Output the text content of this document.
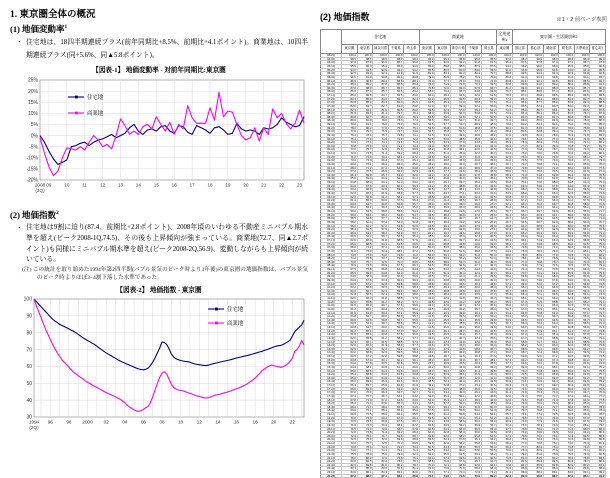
1. 東京圏全体の概況
(1) 地価変動率$^1$
・ 住宅地は、18四半期連続プラス(前年同期比+8.5%、前期比+4.1ポイント)。商業地は、10四半期連続プラス(同+5.6%、同▲5.8ポイント)。

【図表-1】 地価変動率 - 対前年同期比:東京圏
-20%
-15%
-10%
-5%
0%
5%
10%
15%
20%
25%
2008
(3Q)
09	10	11	12	13	14	15	16	17	18	19	20	21	22	23
住宅地
商業地
(2) 地価指数$^2$
・ 住宅地は9割に迫り(87.4、前期比+2.8ポイント)、2008年頃のいわゆる不動産ミニバブル期水準を超え(ピーク2008-1Q,74.5)、その後も上昇傾向が強まっている。商業地(72.7、同▲2.7ポイント)も同様にミニバブル期水準を超え(ピーク2008-2Q,56.9)、変動しながらも上昇傾向が続いている。

(注) この統計を取り始めた1994年第2四半期(バブル景気のピーク時より3年後)の東京圏の地価指数は、バブル景気のピーク時よりほぼ3~4割下落した水準であった。

【図表-2】 地価指数 - 東京圏
30
40
50
60
70
80
90
100
1994
(2Q)
96	98 2000 02	04	06	08	10	12	14	16	18	20	22
住宅地
商業地
(2) 地価指数	※1・2 前ページ参照
	住宅地					商業地					全用途※1	東京圏・生活圏別※2					
	東京圏	東京都	神奈川県	千葉県	埼玉県	東京圏	東京都	神奈川県	千葉県	埼玉県	東京圏	都区部	都心部	城南部	城北部	多摩地区	都心3区
94-2Q	100.0	100.0	100.0	100.0	100.0	100.0	100.0	100.0	100.0	100.0	100.0	100.0	100.0	100.0	100.0	100.0	100.0
94-3Q	98.5	98.7	98.5	98.3	98.3	96.0	96.3	95.8	95.6	95.5	97.6	98.7	98.9	98.7	98.5	98.3	99.0
94-4Q	97.0	97.3	96.9	96.7	96.6	92.5	93.0	92.2	91.8	91.5	95.4	97.5	97.8	97.3	97.0	96.7	97.9
95-1Q	95.5	96.0	95.4	95.0	94.9	89.0	89.8	88.6	87.9	87.6	93.2	96.2	96.6	96.0	95.5	95.0	96.8
95-2Q	94.0	94.6	93.9	93.4	93.2	85.5	86.5	84.9	84.0	83.6	91.0	94.9	95.5	94.6	94.0	93.4	95.8
95-3Q	92.5	93.3	92.3	91.8	91.5	82.0	83.3	81.3	80.2	79.7	88.8	93.6	94.4	93.3	92.5	91.8	94.8
95-4Q	91.0	91.9	90.8	90.1	89.8	79.0	80.5	78.2	76.9	76.3	86.8	92.3	93.3	91.9	91.0	90.1	93.7
96-1Q	89.5	90.5	89.3	88.5	88.1	76.0	77.7	75.0	73.6	72.9	84.8	91.1	92.1	90.5	89.5	88.5	92.7
96-2Q	88.0	89.2	87.8	86.8	86.4	73.0	74.9	71.9	70.3	69.5	82.8	89.8	91.0	89.2	88.0	86.8	91.6
96-3Q	87.0	88.3	86.7	85.7	85.3	70.5	72.6	69.3	67.5	66.7	81.2	89.0	90.3	88.3	87.0	85.7	90.9
96-4Q	86.0	87.4	85.7	84.6	84.2	68.0	70.2	66.7	64.8	63.8	79.7	88.1	89.5	87.4	86.0	84.6	90.2
97-1Q	85.0	86.5	84.7	83.5	83.0	66.0	68.4	64.6	62.6	61.6	78.3	87.3	88.8	86.5	85.0	83.5	89.5
97-2Q	84.3	85.9	84.0	82.7	82.3	64.0	66.5	62.6	60.4	59.3	77.2	86.7	88.2	85.9	84.3	82.7	89.0
97-3Q	83.6	85.2	83.3	82.0	81.5	62.5	65.1	61.0	58.8	57.6	76.2	86.1	87.7	85.2	83.6	82.0	88.5
97-4Q	83.0	84.7	82.7	81.3	80.8	61.0	63.7	59.4	57.1	55.9	75.3	85.5	87.3	84.7	83.0	81.3	88.1
98-1Q	82.3	84.1	81.9	80.5	80.0	59.5	62.3	57.9	55.4	54.2	74.3	85.0	86.7	84.1	82.3	80.5	87.6
98-2Q	81.5	83.3	81.1	79.7	79.1	58.0	60.9	56.3	53.8	52.5	73.3	84.3	86.1	83.3	81.5	79.7	87.0
98-3Q	80.8	82.7	80.4	78.9	78.3	56.5	59.5	54.8	52.1	50.8	72.3	83.7	85.6	82.7	80.8	78.9	86.6
98-4Q	80.0	82.0	79.6	78.0	77.4	55.5	58.6	53.7	51.0	49.7	71.4	83.0	85.0	82.0	80.0	78.0	86.0
99-1Q	79.0	81.1	78.6	76.9	76.3	54.5	57.7	52.7	49.9	48.6	70.4	82.2	84.3	81.1	79.0	76.9	85.3
99-2Q	78.0	80.2	77.6	75.8	75.1	53.5	56.8	51.6	48.8	47.5	69.4	81.3	83.5	80.2	78.0	75.8	84.6
99-3Q	77.0	79.3	76.5	74.7	74.0	52.5	55.8	50.6	47.7	46.3	68.4	80.5	82.8	79.3	77.0	74.7	83.9
99-4Q	76.2	78.6	75.7	73.8	73.1	51.5	54.9	49.6	46.6	45.2	67.6	79.8	82.2	78.6	76.2	73.8	83.3
00-1Q	75.4	77.9	74.9	72.9	72.2	50.5	54.0	48.5	45.5	44.1	66.7	79.1	81.6	77.9	75.4	72.9	82.8
00-2Q	74.6	77.1	74.1	72.1	71.3	49.8	53.3	47.8	44.8	43.3	65.9	78.4	80.9	77.1	74.6	72.1	82.2
00-3Q	73.8	76.4	73.3	71.2	70.4	49.0	52.6	47.0	43.9	42.4	65.1	77.7	80.3	76.4	73.8	71.2	81.7
00-4Q	73.0	75.7	72.5	70.3	69.5	48.2	51.8	46.1	43.0	41.5	64.3	77.0	79.8	75.7	73.0	70.3	81.1
01-1Q	72.0	74.8	71.4	69.2	68.4	47.5	51.2	45.4	42.2	40.7	63.4	76.2	79.0	74.8	72.0	69.2	80.4
01-2Q	71.0	73.9	70.4	68.1	67.2	46.8	50.5	44.7	41.5	39.9	62.5	75.3	78.3	73.9	71.0	68.1	79.7
01-3Q	70.0	73.0	69.4	67.0	66.1	46.0	49.8	43.8	40.6	39.0	61.6	74.5	77.5	73.0	70.0	67.0	79.0
01-4Q	69.0	72.1	68.4	65.9	65.0	45.2	49.0	43.0	39.7	38.1	60.7	73.7	76.8	72.1	69.0	65.9	78.3
02-1Q	68.0	71.2	67.4	64.8	63.8	44.5	48.4	42.3	38.9	37.3	59.8	72.8	76.0	71.2	68.0	64.8	77.6
02-2Q	67.2	70.5	66.5	63.9	62.9	43.8	47.7	41.6	38.2	36.5	59.0	72.1	75.4	70.5	67.2	63.9	77.0
02-3Q	66.4	69.8	65.7	63.0	62.0	43.2	47.2	40.9	37.5	35.8	58.3	71.4	74.8	69.8	66.4	63.0	76.5
02-4Q	65.6	69.0	64.9	62.2	61.1	42.6	46.6	40.3	36.9	35.1	57.5	70.8	74.2	69.0	65.6	62.2	75.9
03-1Q	64.8	68.3	64.1	61.3	60.2	42.0	46.1	39.7	36.2	34.5	56.8	70.1	73.6	68.3	64.8	61.3	75.4
03-2Q	64.0	67.6	63.3	60.4	59.3	41.2	45.3	38.8	35.3	33.6	56.0	69.4	73.0	67.6	64.0	60.4	74.8
03-3Q	63.2	66.9	62.5	59.5	58.4	40.5	44.7	38.1	34.5	32.8	55.3	68.7	72.4	66.9	63.2	59.5	74.2
03-4Q	62.6	66.3	61.9	58.9	57.7	39.5	43.7	37.1	33.4	31.6	54.5	68.2	72.0	66.3	62.6	58.9	73.8
04-1Q	62.0	65.8	61.2	58.2	57.1	38.5	42.8	36.0	32.3	30.5	53.8	67.7	71.5	65.8	62.0	58.2	73.4
04-2Q	61.4	65.3	60.6	57.5	56.4	37.0	41.4	34.5	30.7	28.8	52.9	67.2	71.0	65.3	61.4	57.5	73.0
04-3Q	60.8	64.7	60.0	56.9	55.7	36.0	40.5	33.4	29.6	27.7	52.1	66.7	70.6	64.7	60.8	56.9	72.6
04-4Q	60.2	64.2	59.4	56.2	55.0	35.0	39.5	32.4	28.5	26.6	51.4	66.2	70.2	64.2	60.2	56.2	72.1
05-1Q	59.6	63.6	58.8	55.6	54.3	34.2	38.8	31.6	27.6	25.6	50.7	65.7	69.7	63.6	59.6	55.6	71.7
05-2Q	59.0	63.1	58.2	54.9	53.7	33.6	38.2	30.9	27.0	25.0	50.1	65.2	69.3	63.1	59.0	54.9	71.3
05-3Q	58.5	62.6	57.7	54.3	53.1	33.4	38.1	30.7	26.7	24.7	49.7	64.7	68.9	62.6	58.5	54.3	71.0
05-4Q	58.2	62.4	57.4	54.0	52.8	33.8	38.4	31.2	27.2	25.2	49.7	64.5	68.7	62.4	58.2	54.0	70.7
06-1Q	58.0	62.2	57.2	53.8	52.5	34.5	39.1	31.9	27.9	26.0	49.8	64.3	68.5	62.2	58.0	53.8	70.6
06-2Q	58.3	62.5	57.5	54.1	52.9	35.5	40.0	32.9	29.0	27.1	50.3	64.6	68.7	62.5	58.3	54.1	70.8
06-3Q	59.0	63.1	58.2	54.9	53.7	36.2	40.7	33.6	29.8	27.9	51.0	65.2	69.3	63.1	59.0	54.9	71.3
06-4Q	60.5	64.4	59.7	56.5	55.4	38.5	42.8	36.0	32.3	30.5	52.8	66.4	70.4	64.4	60.5	56.5	72.3
07-1Q	62.5	66.3	61.8	58.8	57.6	42.0	46.1	39.7	36.2	34.5	55.3	68.1	71.9	66.3	62.5	58.8	73.8
07-2Q	65.0	68.5	64.3	61.5	60.5	46.0	49.8	43.8	40.6	39.0	58.3	70.3	73.8	68.5	65.0	61.5	75.5
07-3Q	68.0	71.2	67.4	64.8	63.8	50.0	53.5	48.0	45.0	43.5	61.7	72.8	76.0	71.2	68.0	64.8	77.6
07-4Q	71.0	73.9	70.4	68.1	67.2	53.5	56.8	51.6	48.8	47.5	64.9	75.3	78.3	73.9	71.0	68.1	79.7
08-1Q	74.5	77.0	74.0	72.0	71.2	56.0	59.1	54.2	51.6	50.3	68.0	78.3	80.9	77.0	74.5	72.0	82.2
08-2Q	74.2	76.8	73.7	71.6	70.8	56.9	59.9	55.2	52.6	51.3	68.1	78.1	80.7	76.8	74.2	71.6	81.9
08-3Q	73.0	75.7	72.5	70.3	69.5	55.5	58.6	53.7	51.0	49.7	66.9	77.0	79.8	75.7	73.0	70.3	81.1
08-4Q	70.5	73.5	69.9	67.5	66.7	52.5	55.8	50.6	47.7	46.3	64.2	74.9	77.9	73.5	70.5	67.5	79.3
09-1Q	67.5	70.8	66.8	64.3	63.3	49.5	53.0	47.5	44.4	42.9	61.2	72.4	75.6	70.8	67.5	64.3	77.3
09-2Q	65.5	69.0	64.8	62.0	61.0	47.5	51.2	45.4	42.2	40.7	59.2	70.7	74.1	69.0	65.5	62.0	75.8
09-3Q	64.5	68.0	63.8	60.9	59.9	46.5	50.2	44.4	41.1	39.5	58.2	69.8	73.4	68.0	64.5	60.9	75.2
09-4Q	64.0	67.6	63.3	60.4	59.3	46.0	49.8	43.8	40.6	39.0	57.7	69.4	73.0	67.6	64.0	60.4	74.8
10-1Q	63.5	67.2	62.8	59.8	58.8	45.8	49.6	43.6	40.4	38.8	57.3	69.0	72.6	67.2	63.5	59.8	74.5
10-2Q	63.2	66.9	62.5	59.5	58.4	45.5	49.3	43.3	40.0	38.4	57.0	68.7	72.4	66.9	63.2	59.5	74.2
10-3Q	63.0	66.7	62.3	59.3	58.2	45.0	48.8	42.8	39.5	37.9	56.7	68.5	72.3	66.7	63.0	59.3	74.1
10-4Q	62.8	66.5	62.1	59.1	58.0	44.5	48.4	42.3	38.9	37.3	56.4	68.4	72.1	66.5	62.8	59.1	74.0
11-1Q	62.5	66.3	61.8	58.8	57.6	44.0	47.9	41.8	38.4	36.7	56.0	68.1	71.9	66.3	62.5	58.8	73.8
11-2Q	62.0	65.8	61.2	58.2	57.1	43.5	47.5	41.2	37.8	36.2	55.5	67.7	71.5	65.8	62.0	58.2	73.4
11-3Q	61.5	65.3	60.7	57.6	56.5	43.0	47.0	40.7	37.3	35.6	55.0	67.3	71.1	65.3	61.5	57.6	73.0
11-4Q	61.2	65.1	60.4	57.3	56.2	42.5	46.5	40.2	36.7	35.0	54.7	67.0	70.9	65.1	61.2	57.3	72.8
12-1Q	61.0	64.9	60.2	57.1	55.9	42.2	46.2	39.9	36.4	34.7	54.4	66.8	70.8	64.9	61.0	57.1	72.7
12-2Q	60.8	64.7	60.0	56.9	55.7	41.8	45.9	39.5	36.0	34.2	54.1	66.7	70.6	64.7	60.8	56.9	72.6
12-3Q	60.6	64.5	59.8	56.7	55.5	41.4	45.5	39.1	35.5	33.8	53.9	66.5	70.5	64.5	60.6	56.7	72.4
12-4Q	60.5	64.4	59.7	56.5	55.4	41.2	45.3	38.8	35.3	33.6	53.7	66.4	70.4	64.4	60.5	56.5	72.3
13-1Q	60.8	64.7	60.0	56.9	55.7	41.5	45.6	39.2	35.6	33.9	54.0	66.7	70.6	64.7	60.8	56.9	72.6
13-2Q	61.2	65.1	60.4	57.3	56.2	42.0	46.1	39.7	36.2	34.5	54.5	67.0	70.9	65.1	61.2	57.3	72.8
13-3Q	61.6	65.4	60.8	57.8	56.6	42.5	46.5	40.2	36.7	35.0	54.9	67.4	71.2	65.4	61.6	57.8	73.1
13-4Q	62.0	65.8	61.2	58.2	57.1	43.0	47.0	40.7	37.3	35.6	55.4	67.7	71.5	65.8	62.0	58.2	73.4
14-1Q	62.3	66.1	61.5	58.5	57.4	43.3	47.3	41.0	37.6	35.9	55.6	68.0	71.7	66.1	62.3	58.5	73.6
14-2Q	62.6	66.3	61.9	58.9	57.7	43.6	47.5	41.3	38.0	36.3	56.0	68.2	72.0	66.3	62.6	58.9	73.8
14-3Q	62.9	66.6	62.2	59.2	58.1	44.0	47.9	41.8	38.4	36.7	56.3	68.5	72.2	66.6	62.9	59.2	74.0
14-4Q	63.2	66.9	62.5	59.5	58.4	44.4	48.3	42.2	38.8	37.2	56.6	68.7	72.4	66.9	63.2	59.5	74.2
15-1Q	63.5	67.2	62.8	59.8	58.8	44.8	48.7	42.6	39.3	37.6	57.0	69.0	72.6	67.2	63.5	59.8	74.5
15-2Q	63.8	67.4	63.1	60.2	59.1	45.2	49.0	43.0	39.7	38.1	57.3	69.2	72.8	67.4	63.8	60.2	74.7
15-3Q	64.2	67.8	63.5	60.6	59.5	45.7	49.5	43.5	40.3	38.6	57.7	69.6	73.2	67.8	64.2	60.6	74.9
15-4Q	64.6	68.1	63.9	61.1	60.0	46.2	50.0	44.0	40.8	39.2	58.2	69.9	73.4	68.1	64.6	61.1	75.2
16-1Q	65.0	68.5	64.3	61.5	60.5	46.7	50.4	44.6	41.4	39.8	58.6	70.3	73.8	68.5	65.0	61.5	75.5
16-2Q	65.3	68.8	64.6	61.8	60.8	47.2	50.9	45.1	41.9	40.3	59.0	70.5	74.0	68.8	65.3	61.8	75.7
16-3Q	65.6	69.0	64.9	62.2	61.1	47.8	51.5	45.7	42.6	41.0	59.4	70.8	74.2	69.0	65.6	62.2	75.9
16-4Q	66.0	69.4	65.3	62.6	61.6	48.5	52.1	46.4	43.3	41.8	59.9	71.1	74.5	69.4	66.0	62.6	76.2
17-1Q	66.3	69.7	65.6	62.9	61.9	49.2	52.8	47.2	44.1	42.6	60.3	71.4	74.7	69.7	66.3	62.9	76.4
17-2Q	66.6	69.9	65.9	63.3	62.3	50.0	53.5	48.0	45.0	43.5	60.8	71.6	74.9	69.9	66.6	63.3	76.6
17-3Q	67.0	70.3	66.3	63.7	62.7	51.0	54.4	49.0	46.1	44.6	61.4	72.0	75.3	70.3	67.0	63.7	76.9
17-4Q	67.4	70.7	66.7	64.1	63.2	52.0	55.4	50.1	47.2	45.8	62.0	72.3	75.6	70.7	67.4	64.1	77.2
18-1Q	67.8	71.0	67.2	64.6	63.6	53.0	56.3	51.1	48.3	46.9	62.6	72.6	75.8	71.0	67.8	64.6	77.5
18-2Q	68.2	71.4	67.6	65.0	64.1	54.5	57.7	52.7	49.9	48.6	63.4	73.0	76.2	71.4	68.2	65.0	77.7
18-3Q	68.6	71.7	68.0	65.5	64.5	56.0	59.1	54.2	51.6	50.3	64.2	73.3	76.4	71.7	68.6	65.5	78.0
18-4Q	69.0	72.1	68.4	65.9	65.0	57.5	60.5	55.8	53.2	52.0	65.0	73.7	76.8	72.1	69.0	65.9	78.3
19-1Q	69.5	72.5	68.9	66.4	65.5	58.5	61.4	56.8	54.3	53.1	65.7	74.1	77.1	72.5	69.5	66.4	78.7
19-2Q	70.0	73.0	69.4	67.0	66.1	59.5	62.3	57.9	55.4	54.2	66.3	74.5	77.5	73.0	70.0	67.0	79.0
19-3Q	70.5	73.5	69.9	67.5	66.7	60.2	63.0	58.6	56.2	55.0	66.9	74.9	77.9	73.5	70.5	67.5	79.3
19-4Q	71.0	73.9	70.4	68.1	67.2	60.8	63.5	59.2	56.9	55.7	67.4	75.3	78.3	73.9	71.0	68.1	79.7
20-1Q	71.5	74.3	70.9	68.7	67.8	60.5	63.3	58.9	56.5	55.4	67.7	75.8	78.6	74.3	71.5	68.7	80.0
20-2Q	72.0	74.8	71.4	69.2	68.4	60.0	62.8	58.4	56.0	54.8	67.8	76.2	79.0	74.8	72.0	69.2	80.4
20-3Q	72.3	75.1	71.7	69.5	68.7	59.8	62.6	58.2	55.8	54.6	67.9	76.5	79.2	75.1	72.3	69.5	80.6
20-4Q	72.5	75.3	72.0	69.8	68.9	59.5	62.3	57.9	55.4	54.2	68.0	76.6	79.4	75.3	72.5	69.8	80.8
21-1Q	73.0	75.7	72.5	70.3	69.5	59.8	62.6	58.2	55.8	54.6	68.4	77.0	79.8	75.7	73.0	70.3	81.1
21-2Q	73.8	76.4	73.3	71.2	70.4	60.5	63.3	58.9	56.5	55.4	69.1	77.7	80.3	76.4	73.8	71.2	81.7
21-3Q	74.6	77.1	74.1	72.1	71.3	61.5	64.2	60.0	57.6	56.5	70.0	78.4	80.9	77.1	74.6	72.1	82.2
21-4Q	75.5	78.0	75.0	73.0	72.3	63.0	65.6	61.5	59.3	58.2	71.1	79.2	81.6	78.0	75.5	73.0	82.8
22-1Q	78.0	80.2	77.6	75.8	75.1	65.0	67.4	63.6	61.5	60.5	73.5	81.3	83.5	80.2	78.0	75.8	84.6
22-2Q	80.6	82.5	80.2	78.7	78.1	68.8	71.0	67.6	65.7	64.7	76.5	83.5	85.4	82.5	80.6	78.7	86.4
22-3Q	82.0	83.8	81.6	80.2	79.7	70.0	72.1	68.8	67.0	66.1	77.8	84.7	86.5	83.8	82.0	80.2	87.4
22-4Q	83.3	85.0	83.0	81.6	81.1	72.0	74.0	70.9	69.2	68.4	79.3	85.8	87.5	85.0	83.3	81.6	88.3
23-1Q	84.6	86.1	84.3	83.1	82.6	75.4	77.1	74.4	72.9	72.2	81.4	86.9	88.4	86.1	84.6	83.1	89.2
23-2Q	87.4	88.7	87.1	86.1	85.8	72.7	74.6	71.6	70.0	69.2	82.3	89.3	90.6	88.7	87.4	86.1	91.2
